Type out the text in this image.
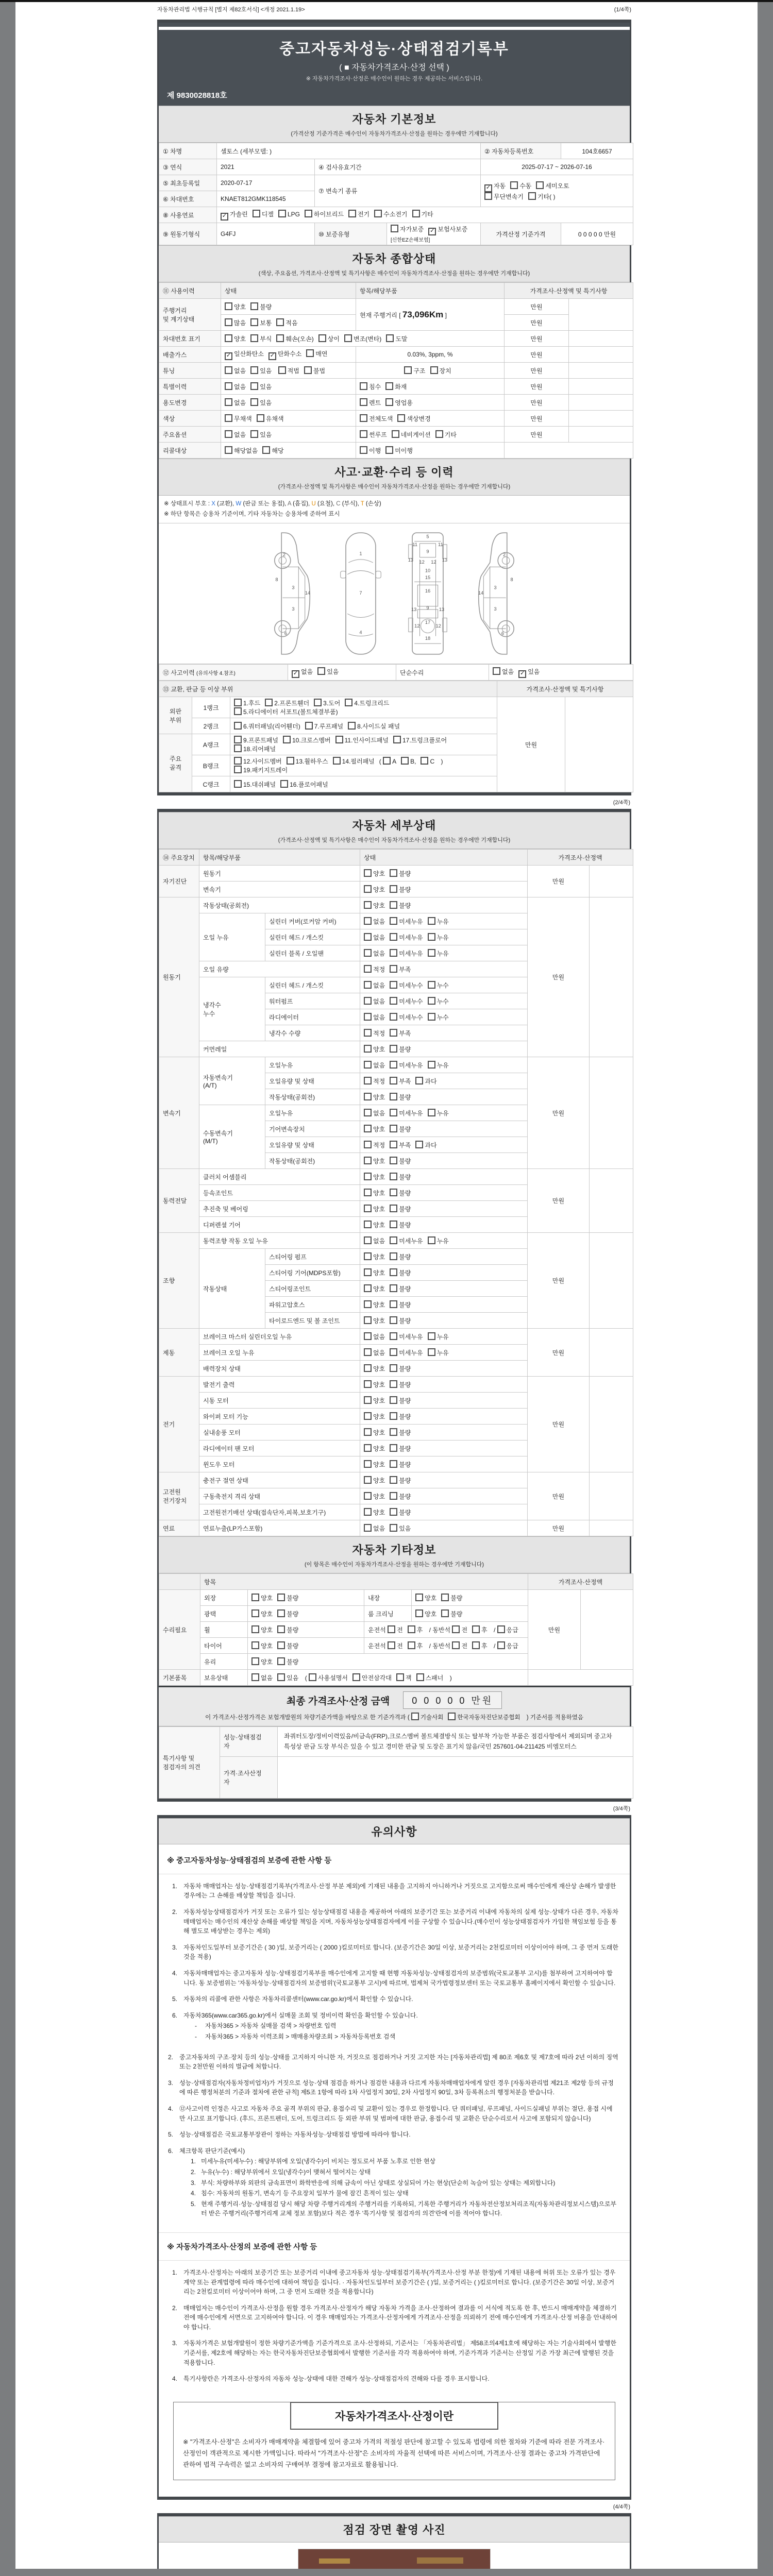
자동차관리법 시행규칙 [별지 제82호서식] <개정 2021.1.19>	(1/4쪽)
중고자동차성능·상태점검기록부
( ■ 자동차가격조사·산정 선택 )
※ 자동차가격조사·산정은 매수인이 원하는 경우 제공하는 서비스입니다.
제 9830028818호
자동차 기본정보
(가격산정 기준가격은 매수인이 자동차가격조사·산정을 원하는 경우에만 기재합니다)
① 차명	셀토스 (세부모델: )			② 자동차등록번호	104호6657
③ 연식	2021	④ 검사유효기간		2025-07-17 ~ 2026-07-16	
⑤ 최초등록일	2020-07-17	⑦ 변속기 종류		✓ 자동 수동 세미오토
무단변속기 기타( )	
⑥ 차대번호	KNAET812GMK118545				
⑧ 사용연료	✓ 가솔린 디젤 LPG 하이브리드 전기 수소전기 기타				
⑨ 원동기형식	G4FJ	⑩ 보증유형	자가보증 ✓ 보험사보증[신한EZ손해보험]	가격산정 기준가격	0 0 0 0 0 만원
자동차 종합상태
(색상, 주요옵션, 가격조사·산정액 및 특기사항은 매수인이 자동차가격조사·산정을 원하는 경우에만 기재합니다)
⑪ 사용이력	상태	항목/해당부품	가격조사·산정액 및 특기사항	
주행거리
및 계기상태	양호 불량	현재 주행거리 [ 73,096Km ]	만원	
	많음 보통 적음		만원	
차대번호 표기	양호 부식 훼손(오손) 상이 변조(변타) 도말		만원	
배출가스	✓ 일산화탄소 ✓ 탄화수소 매연	0.03%, 3ppm, %	만원	
튜닝	없음 있음 적법 불법	구조 장치	만원	
특별이력	없음 있음	침수 화재	만원	
용도변경	없음 있음	렌트 영업용	만원	
색상	무채색 유채색	전체도색 색상변경	만원	
주요옵션	없음 있음	썬루프 네비게이션 기타	만원	
리콜대상	해당없음 해당	이행 미이행		
사고·교환·수리 등 이력
(가격조사·산정액 및 특기사항은 매수인이 자동차가격조사·산정을 원하는 경우에만 기재합니다)
※ 상태표시 부호 : X (교환), W (판금 또는 용접), A (흠집), U (요철), C (부식), T (손상)
※ 하단 항목은 승용차 기준이며, 기타 자동차는 승용차에 준하여 표시
2
8
3
14
3
6
1
7
4
5
11	11
9
13	13
12 12
10
15
16
9
13	13
17
12	12
18
2
8
3
14
3
6
⑫ 사고이력 (유의사항 4.참조)	✓ 없음 있음	단순수리	없음 ✓ 있음
⑬ 교환, 판금 등 이상 부위			가격조사·산정액 및 특기사항	
외판
부위	1랭크	1.후드 2.프론트휀더 3.도어 4.트렁크리드
5.라디에이터 서포트(볼트체결부품)	만원	
	2랭크	6.쿼터패널(리어휀더) 7.루프패널 8.사이드실 패널		
주요
골격	A랭크	9.프론트패널 10.크로스멤버 11.인사이드패널 17.트렁크플로어
18.리어패널		
	B랭크	12.사이드멤버 13.휠하우스 14.필러패널 ( A B, C )
19.패키지트레이		
	C랭크	15.대쉬패널 16.플로어패널		
(2/4쪽)
자동차 세부상태
(가격조사·산정액 및 특기사항은 매수인이 자동차가격조사·산정을 원하는 경우에만 기재합니다)
⑭ 주요장치	항목/해당부품		상태	가격조사·산정액	
자기진단	원동기		양호 불량	만원	
	변속기		양호 불량		
원동기	작동상태(공회전)		양호 불량	만원	
	오일 누유	실린더 커버(로커암 커버)	없음 미세누유 누유		
		실린더 헤드 / 개스킷	없음 미세누유 누유		
		실린더 블록 / 오일팬	없음 미세누유 누유		
	오일 유량		적정 부족		
	냉각수
누수	실린더 헤드 / 개스킷	없음 미세누수 누수		
		워터펌프	없음 미세누수 누수		
		라디에이터	없음 미세누수 누수		
		냉각수 수량	적정 부족		
	커먼레일		양호 불량		
변속기	자동변속기
(A/T)	오일누유	없음 미세누유 누유	만원	
		오일유량 및 상태	적정 부족 과다		
		작동상태(공회전)	양호 불량		
	수동변속기
(M/T)	오일누유	없음 미세누유 누유		
		기어변속장치	양호 불량		
		오일유량 및 상태	적정 부족 과다		
		작동상태(공회전)	양호 불량		
동력전달	클러치 어셈블리		양호 불량	만원	
	등속조인트		양호 불량		
	추진축 및 베어링		양호 불량		
	디퍼렌셜 기어		양호 불량		
조향	동력조향 작동 오일 누유		없음 미세누유 누유	만원	
	작동상태	스티어링 펌프	양호 불량		
		스티어링 기어(MDPS포함)	양호 불량		
		스티어링조인트	양호 불량		
		파워고압호스	양호 불량		
		타이로드엔드 및 볼 조인트	양호 불량		
제동	브레이크 마스터 실린더오일 누유		없음 미세누유 누유	만원	
	브레이크 오일 누유		없음 미세누유 누유		
	배력장치 상태		양호 불량		
전기	발전기 출력		양호 불량	만원	
	시동 모터		양호 불량		
	와이퍼 모터 기능		양호 불량		
	실내송풍 모터		양호 불량		
	라디에이터 팬 모터		양호 불량		
	윈도우 모터		양호 불량		
고전원
전기장치	충전구 절연 상태		양호 불량	만원	
	구동축전지 격리 상태		양호 불량		
	고전원전기배선 상태(접속단자,피복,보호기구)		양호 불량		
연료	연료누출(LP가스포함)		없음 있음	만원	
자동차 기타정보
(이 항목은 매수인이 자동차가격조사·산정을 원하는 경우에만 기재합니다)
	항목				가격조사·산정액	
수리필요	외장	양호 불량	내장	양호 불량	만원	
	광택	양호 불량	룸 크리닝	양호 불량		
	휠	양호 불량	운전석 전 후 / 동반석 전 후 / 응급			
	타이어	양호 불량	운전석 전 후 / 동반석 전 후 / 응급			
	유리	양호 불량				
기본품목	보유상태	없음 있음 ( 사용설명서 안전삼각대 잭 스패너 )				
최종 가격조사·산정 금액	0 0 0 0 0 만원
이 가격조사·산정가격은 보험개발원의 차량기준가액을 바탕으로 한 기준가격과 ( 기술사회 한국자동차진단보증협회 ) 기준서를 적용하였음
특기사항 및
점검자의 의견	성능·상태점검
자	좌쿼터도장/정비이력있음/비금속(FRP),크로스멤버 볼트체결방식 또는 탈부착 가능한 부품은 점검사항에서 제외되며 중고차 특성상 판금 도장 부식은 있을 수 있고 경미한 판금 및 도장은 표기치 않음/국민 257601-04-211425 비엠모터스
	가격·조사산정
자	
(3/4쪽)
유의사항
※ 중고자동차성능·상태점검의 보증에 관한 사항 등
1. 자동차 매매업자는 성능·상태점검기록부(가격조사·산정 부분 제외)에 기재된 내용을 고지하지 아니하거나 거짓으로 고지함으로써 매수인에게 재산상 손해가 발생한 경우에는 그 손해를 배상할 책임을 집니다.
2. 자동차성능상태점검자가 거짓 또는 오류가 있는 성능상태점검 내용을 제공하여 아래의 보증기간 또는 보증거리 이내에 자동차의 실제 성능·상태가 다른 경우, 자동차매매업자는 매수인의 재산상 손해를 배상할 책임을 지며, 자동차성능상태점검자에게 이를 구상할 수 있습니다.(매수인이 성능상태점검자가 가입한 책임보험 등을 통해 별도로 배상받는 경우는 제외)
3. 자동차인도일부터 보증기간은 ( 30 )일, 보증거리는 ( 2000 )킬로미터로 합니다. (보증기간은 30일 이상, 보증거리는 2천킬로미터 이상이어야 하며, 그 중 먼저 도래한 것을 적용)
4. 자동차매매업자는 중고자동차 성능·상태점검기록부를 매수인에게 고지할 때 현행 자동차성능·상태점검자의 보증범위(국토교통부 고시)를 첨부하여 고지하여야 합니다. 동 보증범위는 '자동차성능·상태점검자의 보증범위'(국토교통부 고시)에 따르며, 법제처 국가법령정보센터 또는 국토교통부 홈페이지에서 확인할 수 있습니다.
5. 자동차의 리콜에 관한 사항은 자동차리콜센터(www.car.go.kr)에서 확인할 수 있습니다.
6. 자동차365(www.car365.go.kr)에서 실매물 조회 및 정비이력 확인을 확인할 수 있습니다.
-	자동차365 > 자동차 실매물 검색 > 차량번호 입력
-	자동차365 > 자동차 이력조회 > 매매용차량조회 > 자동차등록번호 검색
2. 중고자동차의 구조·장치 등의 성능·상태를 고지하지 아니한 자, 거짓으로 점검하거나 거짓 고지한 자는 [자동차관리법] 제 80조 제6호 및 제7호에 따라 2년 이하의 징역 또는 2천만원 이하의 벌금에 처합니다.
3. 성능·상태점검자(자동차정비업자)가 거짓으로 성능·상태 점검을 하거나 점검한 내용과 다르게 자동차매매업자에게 알린 경우 [자동차관리법 제21조 제2항 등의 규정에 따른 행정처분의 기준과 절차에 관한 규칙] 제5조 1항에 따라 1차 사업정지 30일, 2차 사업정지 90일, 3차 등록취소의 행정처분을 받습니다.
4. ⑫사고이력 인정은 사고로 자동차 주요 골격 부위의 판금, 용접수리 및 교환이 있는 경우로 한정합니다. 단 쿼터패널, 루프패널, 사이드실패널 부위는 절단, 용접 시에만 사고로 표기합니다. (후드, 프론트펜더, 도어, 트렁크리드 등 외판 부위 및 범퍼에 대한 판금, 용접수리 및 교환은 단순수리로서 사고에 포함되지 않습니다)
5. 성능·상태점검은 국토교통부장관이 정하는 자동차성능·상태점검 방법에 따라야 합니다.
6. 체크항목 판단기준(예시)
1. 미세누유(미세누수) : 해당부위에 오일(냉각수)이 비치는 정도로서 부품 노후로 인한 현상
2. 누유(누수) : 해당부위에서 오일(냉각수)이 맺혀서 떨어지는 상태
3. 부식: 차량하부와 외판의 금속표면이 화학반응에 의해 금속이 아닌 상태로 상실되어 가는 현상(단순히 녹슬어 있는 상태는 제외합니다)
4. 침수: 자동차의 원동기, 변속기 등 주요장치 일부가 물에 잠긴 흔적이 있는 상태
5. 현재 주행거리·성능·상태점검 당시 해당 차량 주행거리계의 주행거리를 기록하되, 기록한 주행거리가 자동차전산정보처리조직(자동차관리정보시스템)으로부터 받은 주행거리(주행거리계 교체 정보 포함)보다 적은 경우 '특기사항 및 점검자의 의견'란에 이를 적어야 합니다.
※ 자동차가격조사·산정의 보증에 관한 사항 등
1. 가격조사·산정자는 아래의 보증기간 또는 보증거리 이내에 중고자동차 성능·상태점검기록부(가격조사·산정 부분 한정)에 기재된 내용에 허위 또는 오류가 있는 경우 계약 또는 관계법령에 따라 매수인에 대하여 책임을 집니다. · 자동차인도일부터 보증기간은 ( )일, 보증거리는 ( )킬로미터로 합니다. (보증기간은 30일 이상, 보증거리는 2천킬로미터 이상이어야 하며, 그 중 먼저 도래한 것을 적용합니다)
2. 매매업자는 매수인이 가격조사·산정을 원할 경우 가격조사·산정자가 해당 자동차 가격을 조사·산정하여 결과를 이 서식에 적도록 한 후, 반드시 매매계약을 체결하기 전에 매수인에게 서면으로 고지하여야 합니다. 이 경우 매매업자는 가격조사·산정자에게 가격조사·산정을 의뢰하기 전에 매수인에게 가격조사·산정 비용을 안내하여야 합니다.
3. 자동차가격은 보험개발원이 정한 차량기준가액을 기준가격으로 조사·산정하되, 기준서는 「자동차관리법」 제58조의4제1호에 해당하는 자는 기술사회에서 발행한 기준서를, 제2호에 해당하는 자는 한국자동차진단보증협회에서 발행한 기준서를 각각 적용하여야 하며, 기준가격과 기준서는 산정일 기준 가장 최근에 발행된 것을 적용합니다.
4. 특기사항란은 가격조사·산정자의 자동차 성능·상태에 대한 견해가 성능·상태점검자의 견해와 다를 경우 표시합니다.
자동차가격조사·산정이란
※ "가격조사·산정"은 소비자가 매매계약을 체결함에 있어 중고차 가격의 적절성 판단에 참고할 수 있도록 법령에 의한 절차와 기준에 따라 전문 가격조사·산정인이 객관적으로 제시한 가액입니다. 따라서 "가격조사·산정"은 소비자의 자율적 선택에 따른 서비스이며, 가격조사·산정 결과는 중고차 가격판단에 관하여 법적 구속력은 없고 소비자의 구매여부 결정에 참고자료로 활용됩니다.
(4/4쪽)
점검 장면 촬영 사진
